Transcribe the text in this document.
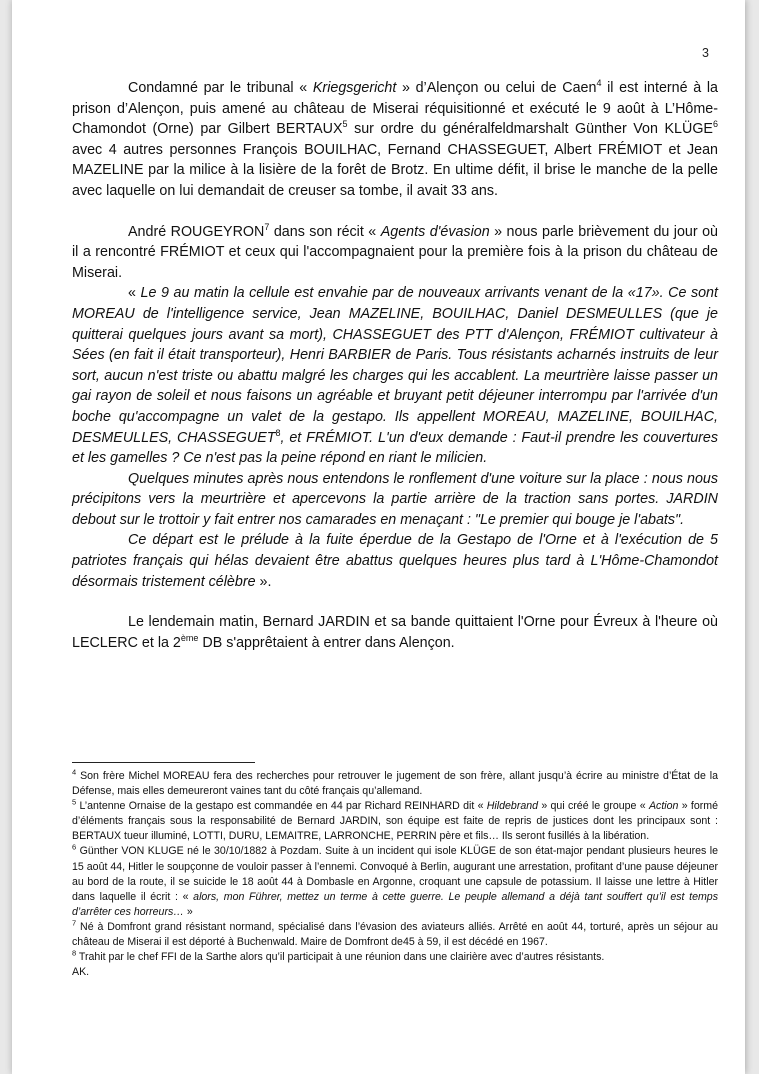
3

Condamné par le tribunal « Kriegsgericht » d’Alençon ou celui de Caen$^4$ il est interné à la prison d’Alençon, puis amené au château de Miserai réquisitionné et exécuté le 9 août à L’Hôme-Chamondot (Orne) par Gilbert BERTAUX$^5$ sur ordre du généralfeldmarshalt Günther Von KLÜGE$^6$ avec 4 autres personnes François BOUILHAC, Fernand CHASSEGUET, Albert FRÉMIOT et Jean MAZELINE par la milice à la lisière de la forêt de Brotz. En ultime défit, il brise le manche de la pelle avec laquelle on lui demandait de creuser sa tombe, il avait 33 ans.

André ROUGEYRON$^7$ dans son récit « Agents d'évasion » nous parle brièvement du jour où il a rencontré FRÉMIOT et ceux qui l'accompagnaient pour la première fois à la prison du château de Miserai.

« Le 9 au matin la cellule est envahie par de nouveaux arrivants venant de la «17». Ce sont MOREAU de l'intelligence service, Jean MAZELINE, BOUILHAC, Daniel DESMEULLES (que je quitterai quelques jours avant sa mort), CHASSEGUET des PTT d'Alençon, FRÉMIOT cultivateur à Sées (en fait il était transporteur), Henri BARBIER de Paris. Tous résistants acharnés instruits de leur sort, aucun n'est triste ou abattu malgré les charges qui les accablent. La meurtrière laisse passer un gai rayon de soleil et nous faisons un agréable et bruyant petit déjeuner interrompu par l'arrivée d'un boche qu'accompagne un valet de la gestapo. Ils appellent MOREAU, MAZELINE, BOUILHAC, DESMEULLES, CHASSEGUET$^8$, et FRÉMIOT. L'un d'eux demande : Faut-il prendre les couvertures et les gamelles ? Ce n'est pas la peine répond en riant le milicien.

Quelques minutes après nous entendons le ronflement d'une voiture sur la place : nous nous précipitons vers la meurtrière et apercevons la partie arrière de la traction sans portes. JARDIN debout sur le trottoir y fait entrer nos camarades en menaçant : "Le premier qui bouge je l'abats".

Ce départ est le prélude à la fuite éperdue de la Gestapo de l'Orne et à l'exécution de 5 patriotes français qui hélas devaient être abattus quelques heures plus tard à L'Hôme-Chamondot désormais tristement célèbre ».

Le lendemain matin, Bernard JARDIN et sa bande quittaient l'Orne pour Évreux à l'heure où LECLERC et la 2ème DB s'apprêtaient à entrer dans Alençon.

$^4$ Son frère Michel MOREAU fera des recherches pour retrouver le jugement de son frère, allant jusqu’à écrire au ministre d’État de la Défense, mais elles demeureront vaines tant du côté français qu’allemand.

$^5$ L’antenne Ornaise de la gestapo est commandée en 44 par Richard REINHARD dit « Hildebrand » qui créé le groupe « Action » formé d’éléments français sous la responsabilité de Bernard JARDIN, son équipe est faite de repris de justices dont les principaux sont : BERTAUX tueur illuminé, LOTTI, DURU, LEMAITRE, LARRONCHE, PERRIN père et fils… Ils seront fusillés à la libération.

$^6$ Günther VON KLUGE né le 30/10/1882 à Pozdam. Suite à un incident qui isole KLÜGE de son état-major pendant plusieurs heures le 15 août 44, Hitler le soupçonne de vouloir passer à l’ennemi. Convoqué à Berlin, augurant une arrestation, profitant d’une pause déjeuner au bord de la route, il se suicide le 18 août 44 à Dombasle en Argonne, croquant une capsule de potassium. Il laisse une lettre à Hitler dans laquelle il écrit : « alors, mon Führer, mettez un terme à cette guerre. Le peuple allemand a déjà tant souffert qu’il est temps d’arrêter ces horreurs… »

$^7$ Né à Domfront grand résistant normand, spécialisé dans l’évasion des aviateurs alliés. Arrêté en août 44, torturé, après un séjour au château de Miserai il est déporté à Buchenwald. Maire de Domfront de45 à 59, il est décédé en 1967.

$^8$ Trahit par le chef FFI de la Sarthe alors qu’il participait à une réunion dans une clairière avec d’autres résistants.

AK.
